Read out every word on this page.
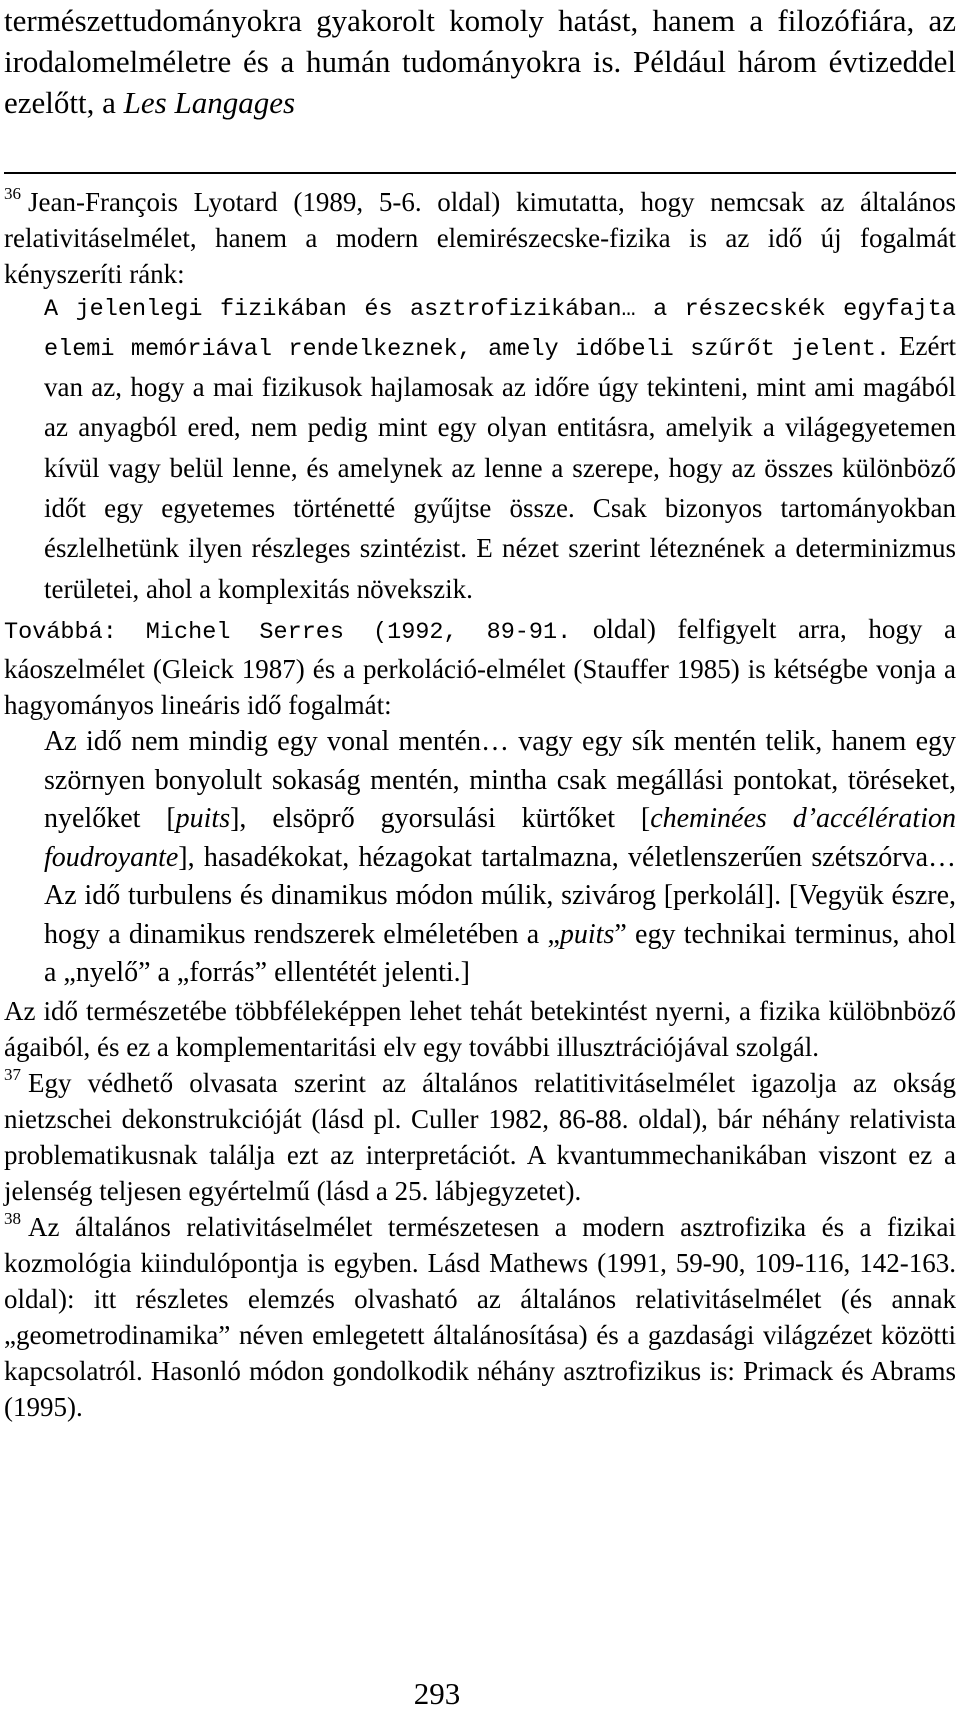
természettudományokra gyakorolt komoly hatást, hanem a filozófiára, az irodalomelméletre és a humán tudományokra is. Például három évtizeddel ezelőtt, a Les Langages

$^{36}$ Jean-François Lyotard (1989, 5-6. oldal) kimutatta, hogy nemcsak az általános relativitáselmélet, hanem a modern elemirészecske-fizika is az idő új fogalmát kényszeríti ránk:

A jelenlegi fizikában és asztrofizikában… a részecskék egyfajta elemi memóriával rendelkeznek, amely időbeli szűrőt jelent. Ezért van az, hogy a mai fizikusok hajlamosak az időre úgy tekinteni, mint ami magából az anyagból ered, nem pedig mint egy olyan entitásra, amelyik a világegyetemen kívül vagy belül lenne, és amelynek az lenne a szerepe, hogy az összes különböző időt egy egyetemes történetté gyűjtse össze. Csak bizonyos tartományokban észlelhetünk ilyen részleges szintézist. E nézet szerint léteznének a determinizmus területei, ahol a komplexitás növekszik.

Továbbá: Michel Serres (1992, 89-91. oldal) felfigyelt arra, hogy a káoszelmélet (Gleick 1987) és a perkoláció-elmélet (Stauffer 1985) is kétségbe vonja a hagyományos lineáris idő fogalmát:

Az idő nem mindig egy vonal mentén… vagy egy sík mentén telik, hanem egy szörnyen bonyolult sokaság mentén, mintha csak megállási pontokat, töréseket, nyelőket [puits], elsöprő gyorsulási kürtőket [cheminées d’accélération foudroyante], hasadékokat, hézagokat tartalmazna, véletlenszerűen szétszórva… Az idő turbulens és dinamikus módon múlik, szivárog [perkolál]. [Vegyük észre, hogy a dinamikus rendszerek elméletében a „puits” egy technikai terminus, ahol a „nyelő” a „forrás” ellentétét jelenti.]

Az idő természetébe többféleképpen lehet tehát betekintést nyerni, a fizika külöbnböző ágaiból, és ez a komplementaritási elv egy további illusztrációjával szolgál.

$^{37}$ Egy védhető olvasata szerint az általános relatitivitáselmélet igazolja az okság nietzschei dekonstrukcióját (lásd pl. Culler 1982, 86-88. oldal), bár néhány relativista problematikusnak találja ezt az interpretációt. A kvantummechanikában viszont ez a jelenség teljesen egyértelmű (lásd a 25. lábjegyzetet).

$^{38}$ Az általános relativitáselmélet természetesen a modern asztrofizika és a fizikai kozmológia kiindulópontja is egyben. Lásd Mathews (1991, 59-90, 109-116, 142-163. oldal): itt részletes elemzés olvasható az általános relativitáselmélet (és annak „geometrodinamika” néven emlegetett általánosítása) és a gazdasági világzézet közötti kapcsolatról. Hasonló módon gondolkodik néhány asztrofizikus is: Primack és Abrams (1995).

293
